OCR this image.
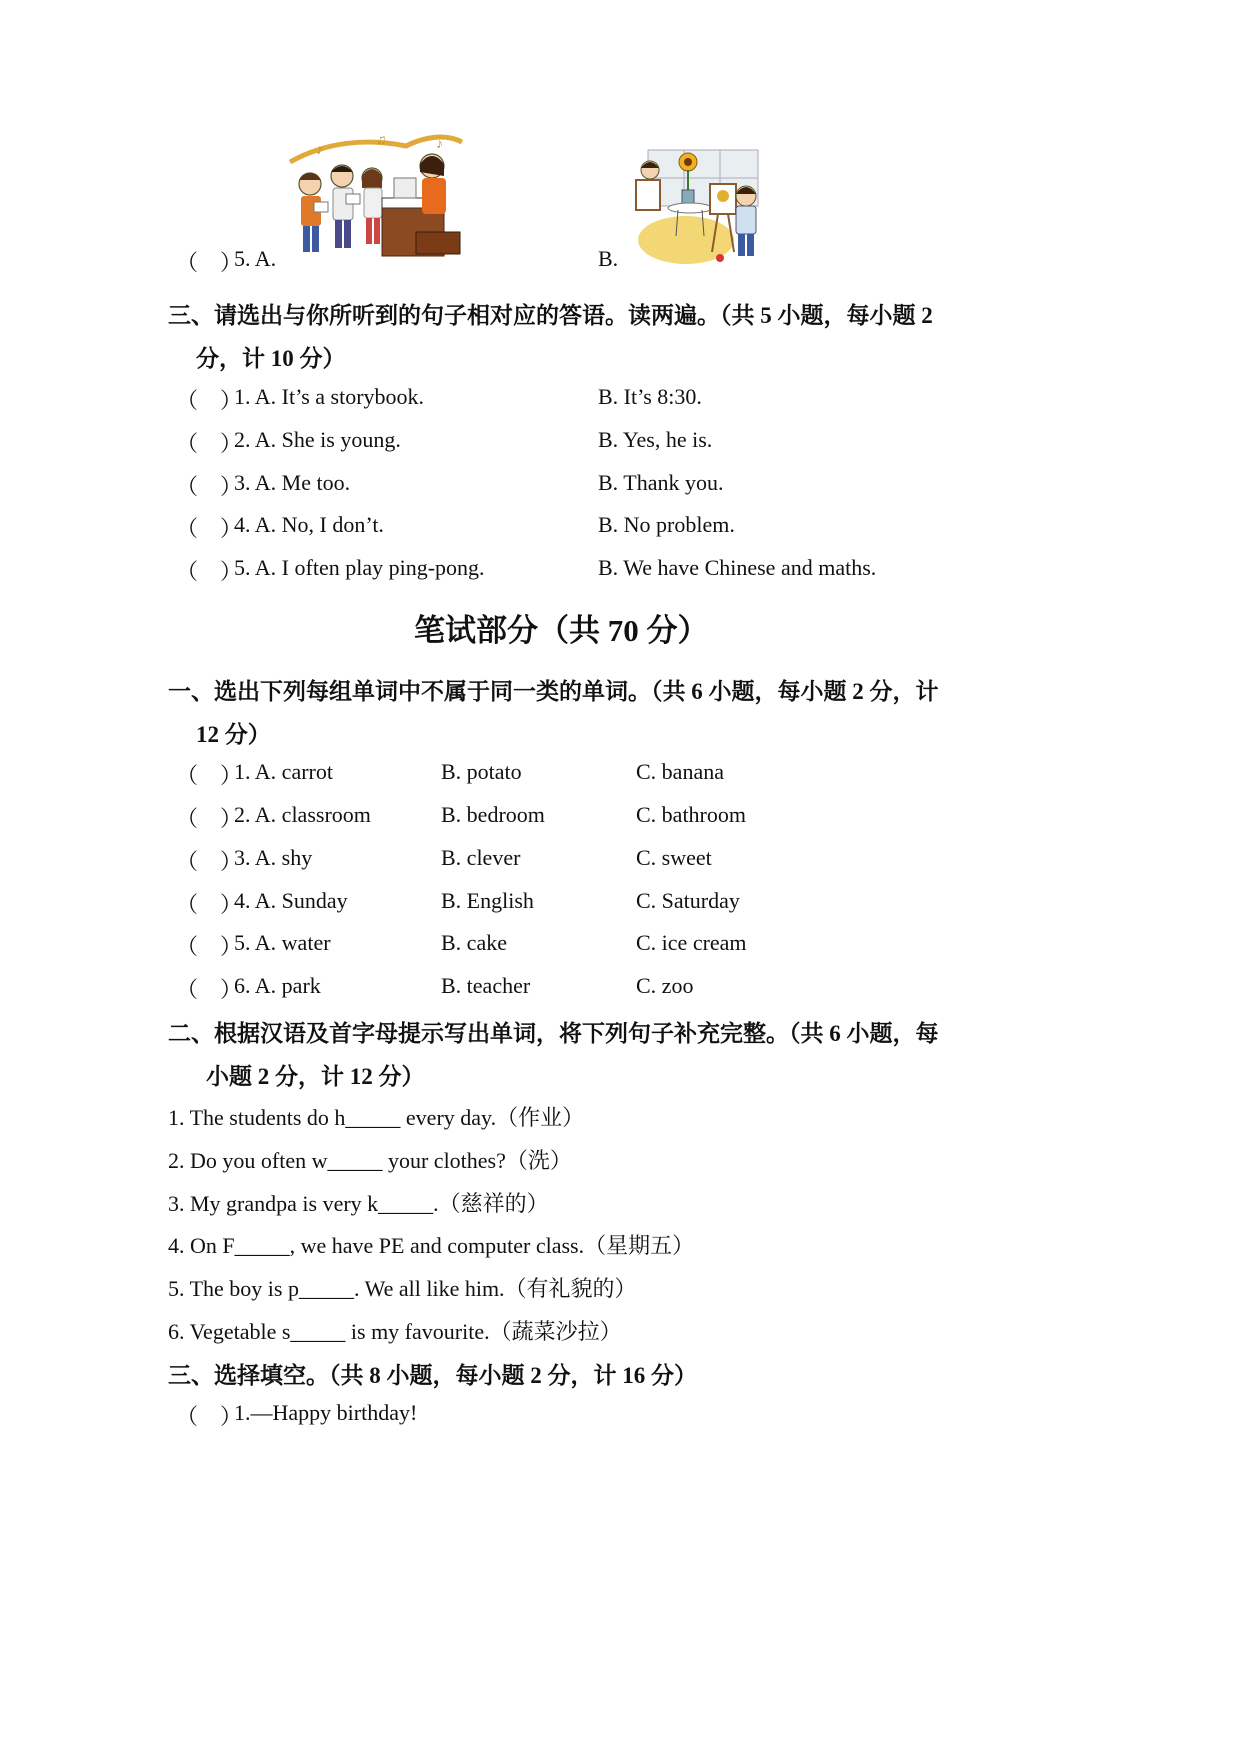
（　）
5. A.
♪
♫	♪
B.
三、请选出与你所听到的句子相对应的答语。读两遍。（共 5 小题，每小题 2
分，计 10 分）
（　）
1. A. It’s a storybook.	B. It’s 8:30.
（　）
2. A. She is young.	B. Yes, he is.
（　）
3. A. Me too.	B. Thank you.
（　）
4. A. No, I don’t.	B. No problem.
（　）
5. A. I often play ping-pong.	B. We have Chinese and maths.
笔试部分（共 70 分）
一、选出下列每组单词中不属于同一类的单词。（共 6 小题，每小题 2 分，计
12 分）
（　）
1. A. carrot	B. potato	C. banana
（　）
2. A. classroom	B. bedroom	C. bathroom
（　）
3. A. shy	B. clever	C. sweet
（　）
4. A. Sunday	B. English	C. Saturday
（　）
5. A. water	B. cake	C. ice cream
（　）
6. A. park	B. teacher	C. zoo
二、根据汉语及首字母提示写出单词，将下列句子补充完整。（共 6 小题，每
小题 2 分，计 12 分）
1. The students do h_____ every day.（作业）
2. Do you often w_____ your clothes?（洗）
3. My grandpa is very k_____.（慈祥的）
4. On F_____, we have PE and computer class.（星期五）
5. The boy is p_____. We all like him.（有礼貌的）
6. Vegetable s_____ is my favourite.（蔬菜沙拉）
三、选择填空。（共 8 小题，每小题 2 分，计 16 分）
（　）
1.—Happy birthday!
